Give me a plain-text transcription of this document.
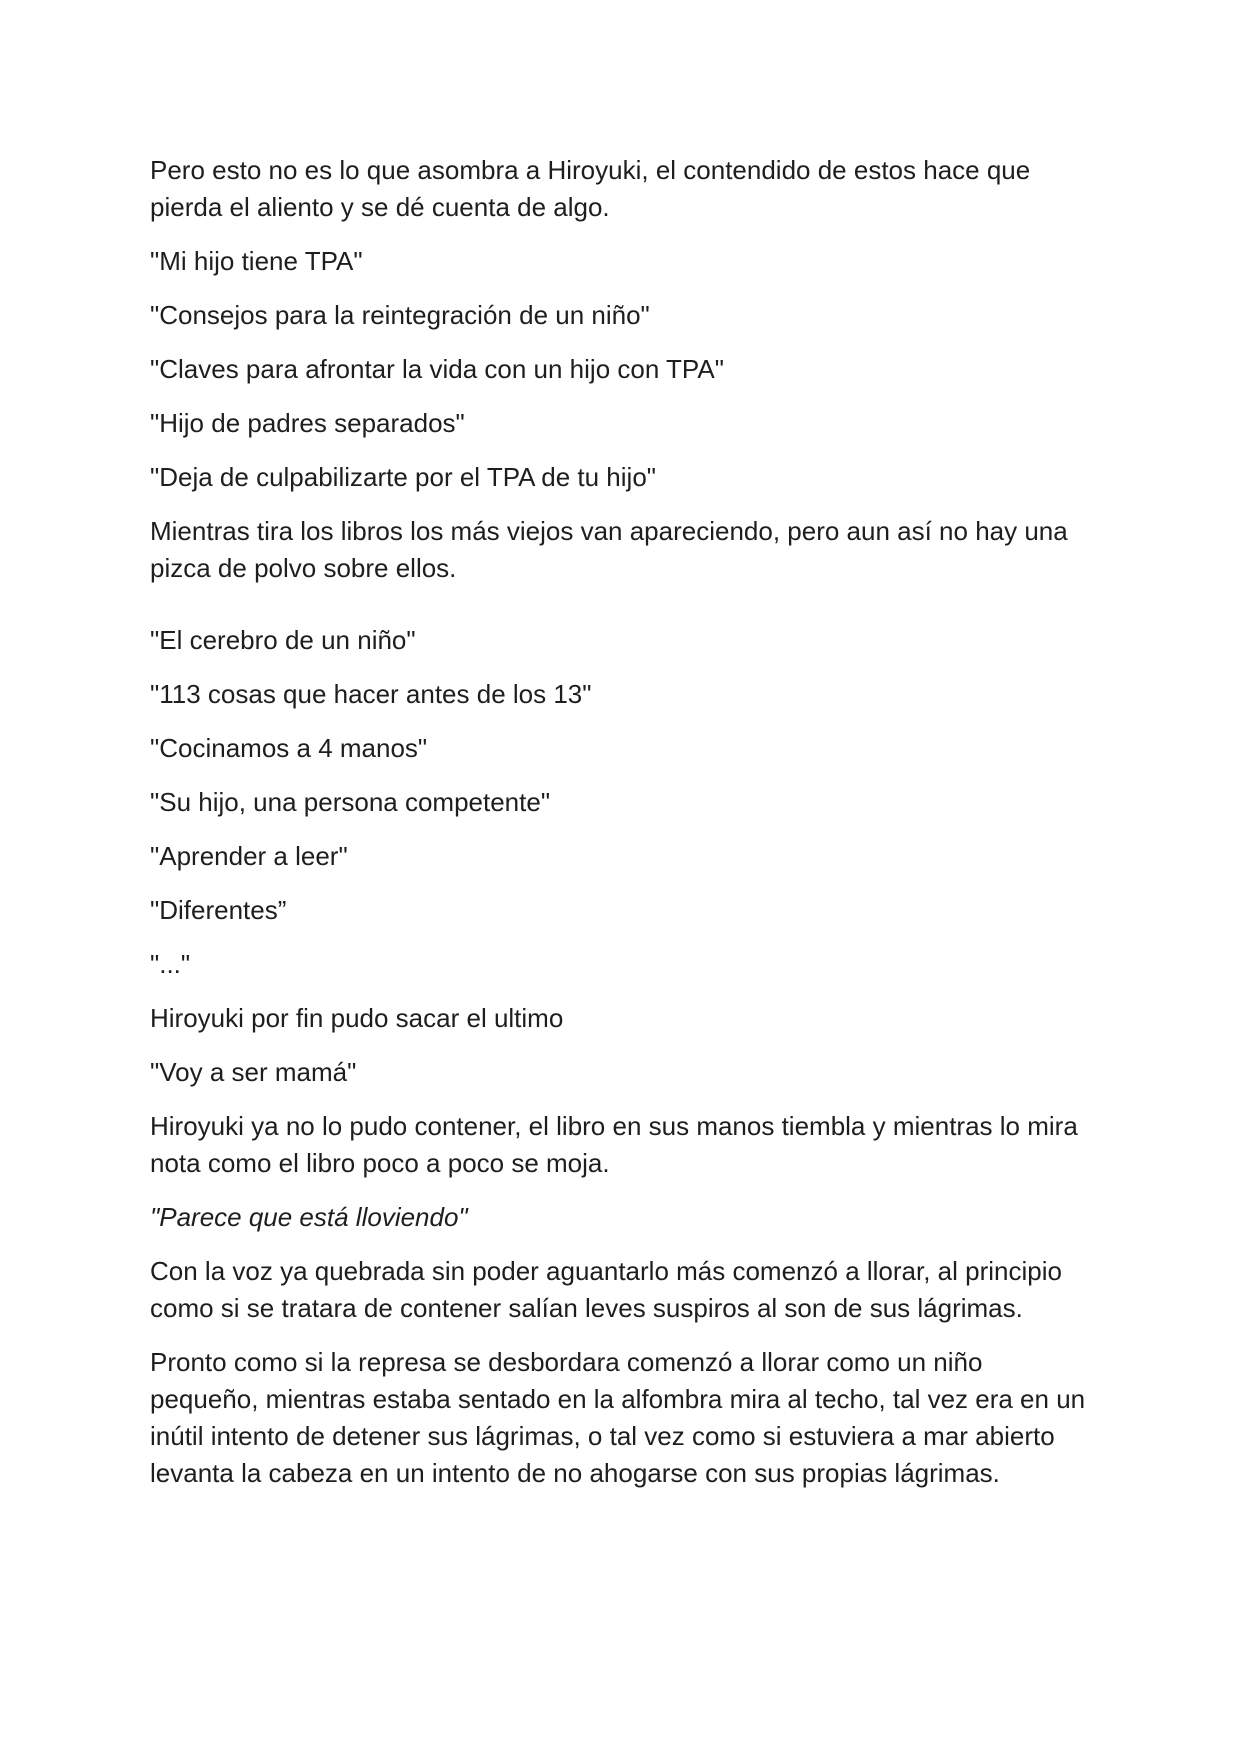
Pero esto no es lo que asombra a Hiroyuki, el contendido de estos hace que pierda el aliento y se dé cuenta de algo.

"Mi hijo tiene TPA"

"Consejos para la reintegración de un niño"

"Claves para afrontar la vida con un hijo con TPA"

"Hijo de padres separados"

"Deja de culpabilizarte por el TPA de tu hijo"

Mientras tira los libros los más viejos van apareciendo, pero aun así no hay una pizca de polvo sobre ellos.

"El cerebro de un niño"

"113 cosas que hacer antes de los 13"

"Cocinamos a 4 manos"

"Su hijo, una persona competente"

"Aprender a leer"

"Diferentes”

"..."

Hiroyuki por fin pudo sacar el ultimo

"Voy a ser mamá"

Hiroyuki ya no lo pudo contener, el libro en sus manos tiembla y mientras lo mira nota como el libro poco a poco se moja.

"Parece que está lloviendo"

Con la voz ya quebrada sin poder aguantarlo más comenzó a llorar, al principio como si se tratara de contener salían leves suspiros al son de sus lágrimas.

Pronto como si la represa se desbordara comenzó a llorar como un niño pequeño, mientras estaba sentado en la alfombra mira al techo, tal vez era en un inútil intento de detener sus lágrimas, o tal vez como si estuviera a mar abierto levanta la cabeza en un intento de no ahogarse con sus propias lágrimas.
